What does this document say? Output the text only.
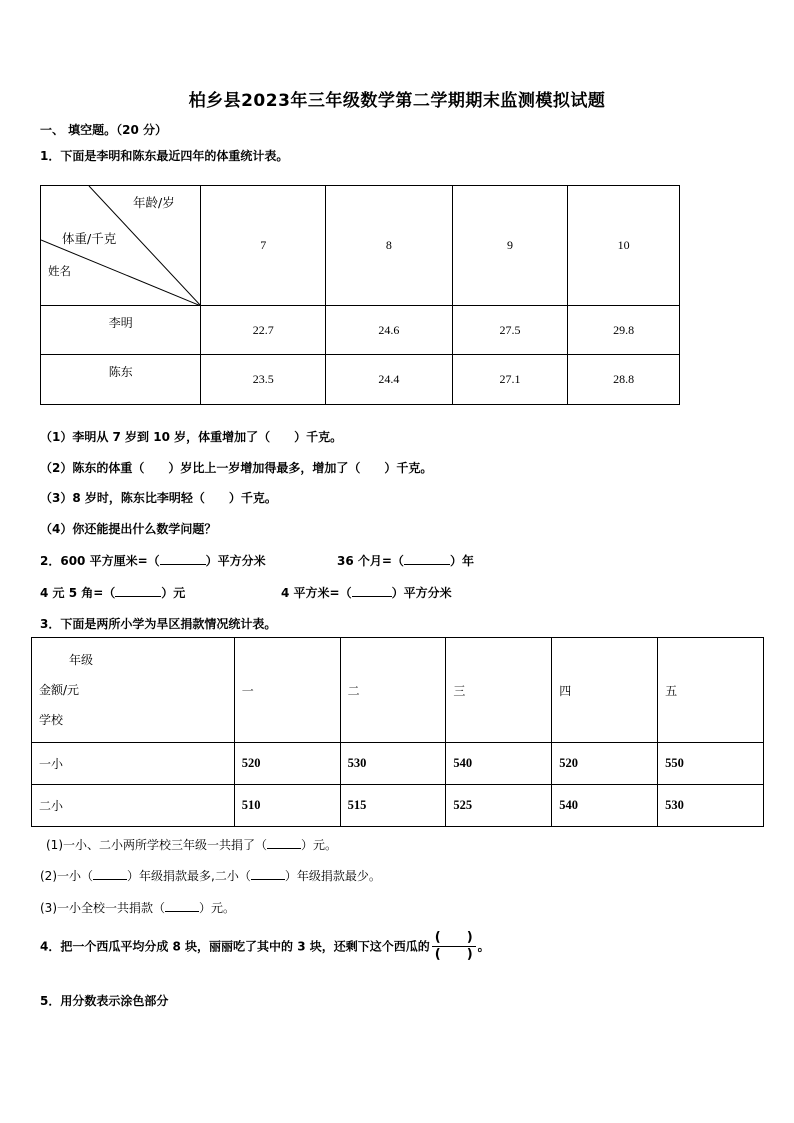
柏乡县2023年三年级数学第二学期期末监测模拟试题
一、 填空题。（20 分）
1．下面是李明和陈东最近四年的体重统计表。
年龄/岁
体重/千克
姓名	7	8	9	10
李明	22.7	24.6	27.5	29.8
陈东	23.5	24.4	27.1	28.8
（1）李明从 7 岁到 10 岁，体重增加了（　　）千克。
（2）陈东的体重（　　）岁比上一岁增加得最多，增加了（　　）千克。
（3）8 岁时，陈东比李明轻（　　）千克。
（4）你还能提出什么数学问题？
2．600 平方厘米=（	）平方分米	36 个月=（	）年
4 元 5 角=（	）元	4 平方米=（	）平方分米
3．下面是两所小学为旱区捐款情况统计表。
年级
金额/元
学校	一	二	三	四	五
一小	520	530	540	520	550
二小	510	515	525	540	530
(1)一小、二小两所学校三年级一共捐了（	）元。
(2)一小（	）年级捐款最多,二小（	）年级捐款最少。
(3)一小全校一共捐款（	）元。
4．把一个西瓜平均分成 8 块，丽丽吃了其中的 3 块，还剩下这个西瓜的 $\frac{( )}{( )}$ 。
5．用分数表示涂色部分
